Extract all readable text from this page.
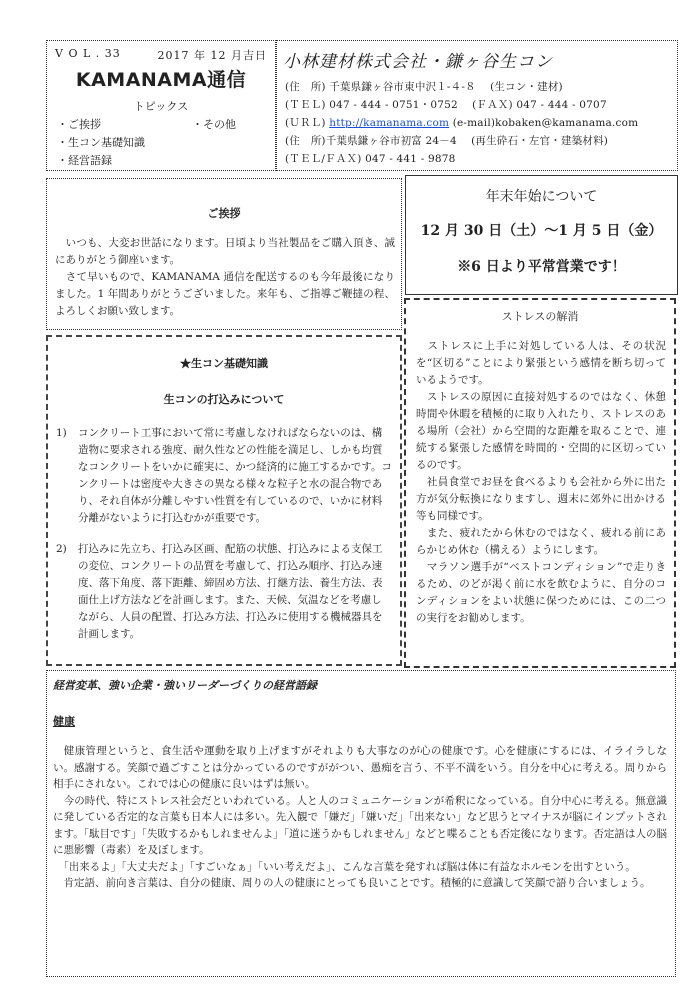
V O L . 33	2017 年 12 月吉日
KAMANAMA通信
トピックス
・ご挨拶	・その他
・生コン基礎知識
・経営語録
小林建材株式会社・鎌ヶ谷生コン
(住　所) 千葉県鎌ヶ谷市東中沢１-４-８　 (生コン・建材)
(ＴＥＬ) 047 - 444 - 0751・0752　 (ＦＡＸ) 047 - 444 - 0707
(ＵＲＬ) http://kamanama.com (e-mail)kobaken@kamanama.com
(住　所)千葉県鎌ヶ谷市初富 24－4　 (再生砕石・左官・建築材料)
(ＴＥＬ/ＦＡＸ) 047 - 441 - 9878
ご挨拶

　いつも、大変お世話になります。日頃より当社製品をご購入頂き、誠にありがとう御座います。

　さて早いもので、KAMANAMA 通信を配送するのも今年最後になりました。1 年間ありがとうございました。来年も、ご指導ご鞭撻の程、よろしくお願い致します。

年末年始について
12 月 30 日（土）～1 月 5 日（金）
※6 日より平常営業です！
ストレスの解消

　ストレスに上手に対処している人は、その状況を“区切る”ことにより緊張という感情を断ち切っているようです。

　ストレスの原因に直接対処するのではなく、休憩時間や休暇を積極的に取り入れたり、ストレスのある場所（会社）から空間的な距離を取ることで、連続する緊張した感情を時間的・空間的に区切っているのです。

　社員食堂でお昼を食べるよりも会社から外に出た方が気分転換になりますし、週末に郊外に出かける等も同様です。

　また、疲れたから休むのではなく、疲れる前にあらかじめ休む（構える）ようにします。

　マラソン選手が“ベストコンディション”で走りきるため、のどが渇く前に水を飲むように、自分のコンディションをよい状態に保つためには、この二つの実行をお勧めします。

★生コン基礎知識
生コンの打込みについて
1) コンクリート工事において常に考慮しなければならないのは、構造物に要求される強度、耐久性などの性能を満足し、しかも均質なコンクリートをいかに確実に、かつ経済的に施工するかです。コンクリートは密度や大きさの異なる様々な粒子と水の混合物であり、それ自体が分離しやすい性質を有しているので、いかに材料分離がないように打込むかが重要です。

2) 打込みに先立ち、打込み区画、配筋の状態、打込みによる支保工の変位、コンクリートの品質を考慮して、打込み順序、打込み速度、落下角度、落下距離、締固め方法、打継方法、養生方法、表面仕上げ方法などを計画します。また、天候、気温などを考慮しながら、人員の配置、打込み方法、打込みに使用する機械器具を計画します。

経営変革、強い企業・強いリーダーづくりの経営語録
健康

　健康管理というと、食生活や運動を取り上げますがそれよりも大事なのが心の健康です。心を健康にするには、イライラしない。感謝する。笑顔で過ごすことは分かっているのですががつい、愚痴を言う、不平不満をいう。自分を中心に考える。周りから相手にされない。これでは心の健康に良いはずは無い。

　今の時代、特にストレス社会だといわれている。人と人のコミュニケーションが希釈になっている。自分中心に考える。無意識に発している否定的な言葉も日本人には多い。先入観で「嫌だ」「嫌いだ」「出来ない」など思うとマイナスが脳にインプットされます。「駄目です」「失敗するかもしれませんよ」「道に迷うかもしれません」などと喋ることも否定後になります。否定語は人の脳に悪影響（毒素）を及ぼします。

　「出来るよ」「大丈夫だよ」「すごいなぁ」「いい考えだよ」、こんな言葉を発すれば脳は体に有益なホルモンを出すという。

　肯定語、前向き言葉は、自分の健康、周りの人の健康にとっても良いことです。積極的に意識して笑顔で語り合いましょう。
